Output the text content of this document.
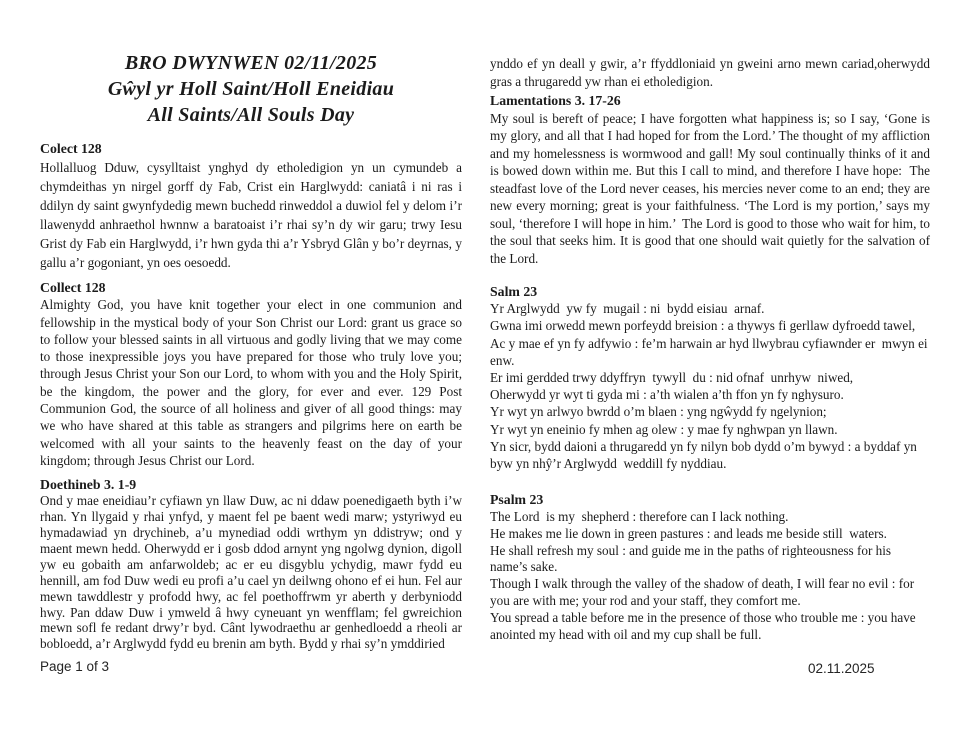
BRO DWYNWEN 02/11/2025
Gŵyl yr Holl Saint/Holl Eneidiau
All Saints/All Souls Day
Colect 128

Hollalluog Dduw, cysylltaist ynghyd dy etholedigion yn un cymundeb a chymdeithas yn nirgel gorff dy Fab, Crist ein Harglwydd: caniatâ i ni ras i ddilyn dy saint gwynfydedig mewn buchedd rinweddol a duwiol fel y delom i’r llawenydd anhraethol hwnnw a baratoaist i’r rhai sy’n dy wir garu; trwy Iesu Grist dy Fab ein Harglwydd, i’r hwn gyda thi a’r Ysbryd Glân y bo’r deyrnas, y gallu a’r gogoniant, yn oes oesoedd.

Collect 128

Almighty God, you have knit together your elect in one communion and fellowship in the mystical body of your Son Christ our Lord: grant us grace so to follow your blessed saints in all virtuous and godly living that we may come to those inexpressible joys you have prepared for those who truly love you; through Jesus Christ your Son our Lord, to whom with you and the Holy Spirit, be the kingdom, the power and the glory, for ever and ever. 129 Post Communion God, the source of all holiness and giver of all good things: may we who have shared at this table as strangers and pilgrims here on earth be welcomed with all your saints to the heavenly feast on the day of your kingdom; through Jesus Christ our Lord.

Doethineb 3. 1-9

Ond y mae eneidiau’r cyfiawn yn llaw Duw, ac ni ddaw poenedigaeth byth i’w rhan. Yn llygaid y rhai ynfyd, y maent fel pe baent wedi marw; ystyriwyd eu hymadawiad yn drychineb, a’u mynediad oddi wrthym yn ddistryw; ond y maent mewn hedd. Oherwydd er i gosb ddod arnynt yng ngolwg dynion, digoll yw eu gobaith am anfarwoldeb; ac er eu disgyblu ychydig, mawr fydd eu hennill, am fod Duw wedi eu profi a’u cael yn deilwng ohono ef ei hun. Fel aur mewn tawddlestr y profodd hwy, ac fel poethoffrwm yr aberth y derbyniodd hwy. Pan ddaw Duw i ymweld â hwy cyneuant yn wenfflam; fel gwreichion mewn sofl fe redant drwy’r byd. Cânt lywodraethu ar genhedloedd a rheoli ar bobloedd, a’r Arglwydd fydd eu brenin am byth. Bydd y rhai sy’n ymddiried

ynddo ef yn deall y gwir, a’r ffyddloniaid yn gweini arno mewn cariad,oherwydd gras a thrugaredd yw rhan ei etholedigion.

Lamentations 3. 17-26

My soul is bereft of peace; I have forgotten what happiness is; so I say, ‘Gone is my glory, and all that I had hoped for from the Lord.’ The thought of my affliction and my homelessness is wormwood and gall! My soul continually thinks of it and is bowed down within me. But this I call to mind, and therefore I have hope:  The steadfast love of the Lord never ceases, his mercies never come to an end; they are new every morning; great is your faithfulness. ‘The Lord is my portion,’ says my soul, ‘therefore I will hope in him.’  The Lord is good to those who wait for him, to the soul that seeks him. It is good that one should wait quietly for the salvation of the Lord.

Salm 23
Yr Arglwydd  yw fy  mugail : ni  bydd eisiau  arnaf.
Gwna imi orwedd mewn porfeydd breision : a thywys fi gerllaw dyfroedd tawel,
Ac y mae ef yn fy adfywio : fe’m harwain ar hyd llwybrau cyfiawnder er  mwyn ei  enw.
Er imi gerdded trwy ddyffryn  tywyll  du : nid ofnaf  unrhyw  niwed,
Oherwydd yr wyt ti gyda mi : a’th wialen a’th ffon yn fy nghysuro.
Yr wyt yn arlwyo bwrdd o’m blaen : yng ngŵydd fy ngelynion;
Yr wyt yn eneinio fy mhen ag olew : y mae fy nghwpan yn llawn.
Yn sicr, bydd daioni a thrugaredd yn fy nilyn bob dydd o’m bywyd : a byddaf yn byw yn nhŷ’r Arglwydd  weddill fy nyddiau.
Psalm 23
The Lord  is my  shepherd : therefore can I lack nothing.
He makes me lie down in green pastures : and leads me beside still  waters.
He shall refresh my soul : and guide me in the paths of righteousness for his name’s sake.
Though I walk through the valley of the shadow of death, I will fear no evil : for you are with me; your rod and your staff, they comfort me.
You spread a table before me in the presence of those who trouble me : you have anointed my head with oil and my cup shall be full.
Page 1 of 3	02.11.2025
